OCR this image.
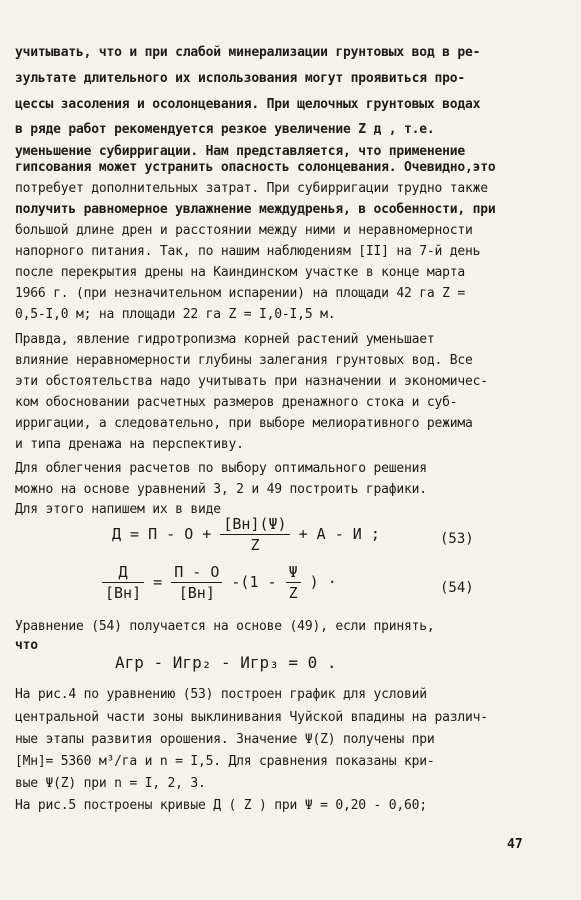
учитывать, что и при слабой минерализации грунтовых вод в ре-
зультате длительного их использования могут проявиться про-
цессы засоления и осолонцевания. При щелочных грунтовых водах
в ряде работ рекомендуется резкое увеличение Z д , т.е.
уменьшение субирригации. Нам представляется, что применение
гипсования может устранить опасность солонцевания. Очевидно,это
потребует дополнительных затрат. При субирригации трудно также
получить равномерное увлажнение междудренья, в особенности, при
большой длине дрен и расстоянии между ними и неравномерности
напорного питания. Так, по нашим наблюдениям [II] на 7-й день
после перекрытия дрены на Каиндинском участке в конце марта
1966 г. (при незначительном испарении) на площади 42 га Z =
0,5-I,0 м; на площади 22 га Z = I,0-I,5 м.
Правда, явление гидротропизма корней растений уменьшает
влияние неравномерности глубины залегания грунтовых вод. Все
эти обстоятельства надо учитывать при назначении и экономичес-
ком обосновании расчетных размеров дренажного стока и суб-
ирригации, а следовательно, при выборе мелиоративного режима
и типа дренажа на перспективу.
Для облегчения расчетов по выбору оптимального решения
можно на основе уравнений 3, 2 и 49 построить графики.
Для этого напишем их в виде
$Д = П - О + \frac{[Bн](\Psi)}{Z} + А - И$ ;	(53)
$\frac{Д}{[Bн]} = \frac{П - О}{[Bн]} -(1 - \frac{\Psi}{Z}$ ) ·	(54)
Уравнение (54) получается на основе (49), если принять,
что
Агр - Игр₂ - Игр₃ = 0 .
На рис.4 по уравнению (53) построен график для условий
центральной части зоны выклинивания Чуйской впадины на различ-
ные этапы развития орошения. Значение Ψ(Z) получены при
[Mн]= 5360 м³/га и n = I,5. Для сравнения показаны кри-
вые Ψ(Z) при n = I, 2, 3.
На рис.5 построены кривые Д ( Z ) при Ψ = 0,20 - 0,60;
47
